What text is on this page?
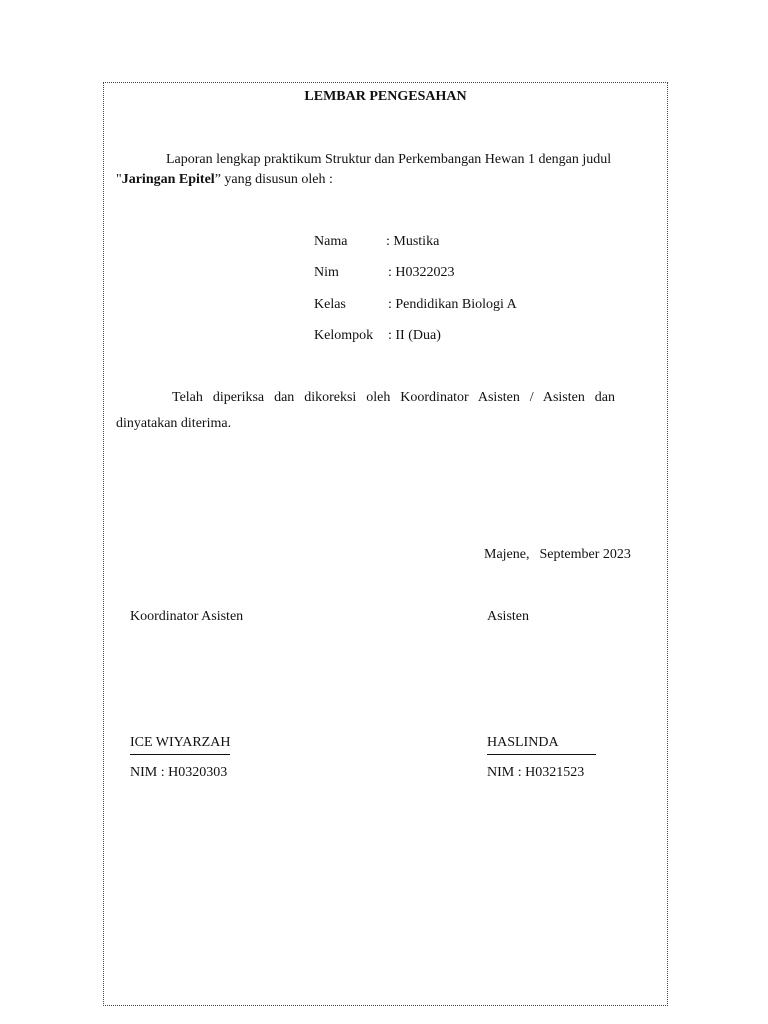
LEMBAR PENGESAHAN
Laporan lengkap praktikum Struktur dan Perkembangan Hewan 1 dengan judul
"Jaringan Epitel” yang disusun oleh :
Nama	: Mustika
Nim	: H0322023
Kelas	: Pendidikan Biologi A
Kelompok : II (Dua)
Telah diperiksa dan dikoreksi oleh Koordinator Asisten / Asisten dan
dinyatakan diterima.
Majene, September 2023
Koordinator Asisten	Asisten
ICE WIYARZAH	HASLINDA
NIM : H0320303	NIM : H0321523
